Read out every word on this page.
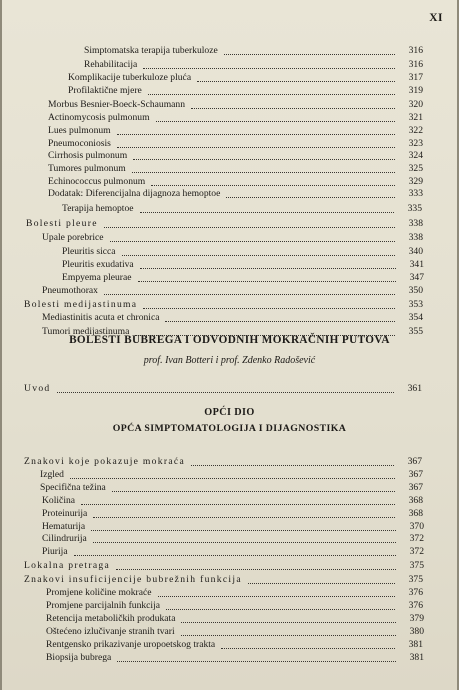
XI
Simptomatska terapija tuberkuloze	316
Rehabilitacija	316
Komplikacije tuberkuloze pluća	317
Profilaktične mjere	319
Morbus Besnier-Boeck-Schaumann	320
Actinomycosis pulmonum	321
Lues pulmonum	322
Pneumoconiosis	323
Cirrhosis pulmonum	324
Tumores pulmonum	325
Echinococcus pulmonum	329
Dodatak: Diferencijalna dijagnoza hemoptoe	333
Terapija hemoptoe	335
Bolesti pleure	338
Upale porebrice	338
Pleuritis sicca	340
Pleuritis exudativa	341
Empyema pleurae	347
Pneumothorax	350
Bolesti medijastinuma	353
Mediastinitis acuta et chronica	354
Tumori medijastinuma	355
BOLESTI BUBREGA I ODVODNIH MOKRAČNIH PUTOVA
prof. Ivan Botteri i prof. Zdenko Radošević
Uvod	361
OPĆI DIO
OPĆA SIMPTOMATOLOGIJA I DIJAGNOSTIKA
Znakovi koje pokazuje mokraća	367
Izgled	367
Specifična težina	367
Količina	368
Proteinurija	368
Hematurija	370
Cilindrurija	372
Piurija	372
Lokalna pretraga	375
Znakovi insuficijencije bubrežnih funkcija	375
Promjene količine mokraće	376
Promjene parcijalnih funkcija	376
Retencija metaboličkih produkata	379
Oštećeno izlučivanje stranih tvari	380
Rentgensko prikazivanje uropoetskog trakta	381
Biopsija bubrega	381
